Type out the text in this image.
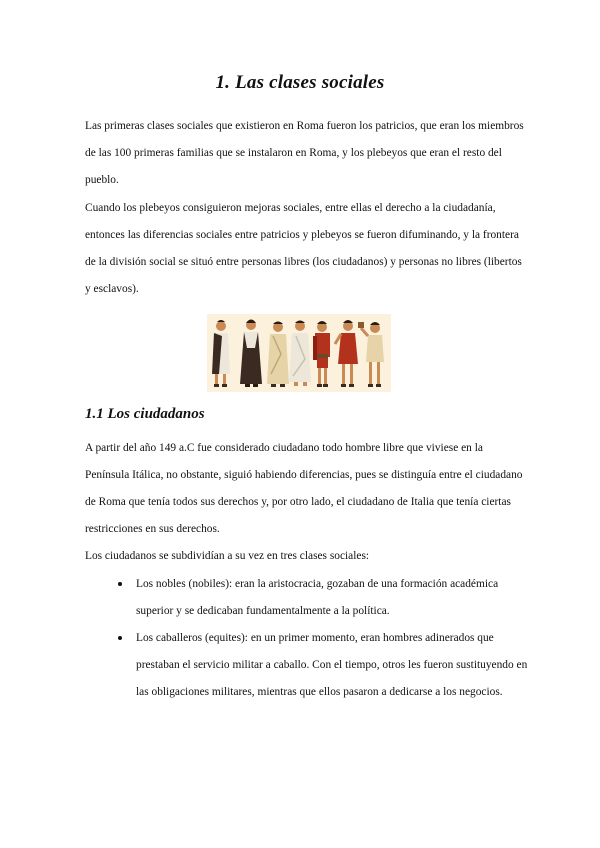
1. Las clases sociales

Las primeras clases sociales que existieron en Roma fueron los patricios, que eran los miembros de las 100 primeras familias que se instalaron en Roma, y los plebeyos que eran el resto del pueblo.

Cuando los plebeyos consiguieron mejoras sociales, entre ellas el derecho a la ciudadanía, entonces las diferencias sociales entre patricios y plebeyos se fueron difuminando, y la frontera de la división social se situó entre personas libres (los ciudadanos) y personas no libres (libertos y esclavos).

1.1 Los ciudadanos

A partir del año 149 a.C fue considerado ciudadano todo hombre libre que viviese en la Península Itálica, no obstante, siguió habiendo diferencias, pues se distinguía entre el ciudadano de Roma que tenía todos sus derechos y, por otro lado, el ciudadano de Italia que tenía ciertas restricciones en sus derechos.

Los ciudadanos se subdividían a su vez en tres clases sociales:

Los nobles (nobiles): eran la aristocracia, gozaban de una formación académica superior y se dedicaban fundamentalmente a la política.
Los caballeros (equites): en un primer momento, eran hombres adinerados que prestaban el servicio militar a caballo. Con el tiempo, otros les fueron sustituyendo en las obligaciones militares, mientras que ellos pasaron a dedicarse a los negocios.
